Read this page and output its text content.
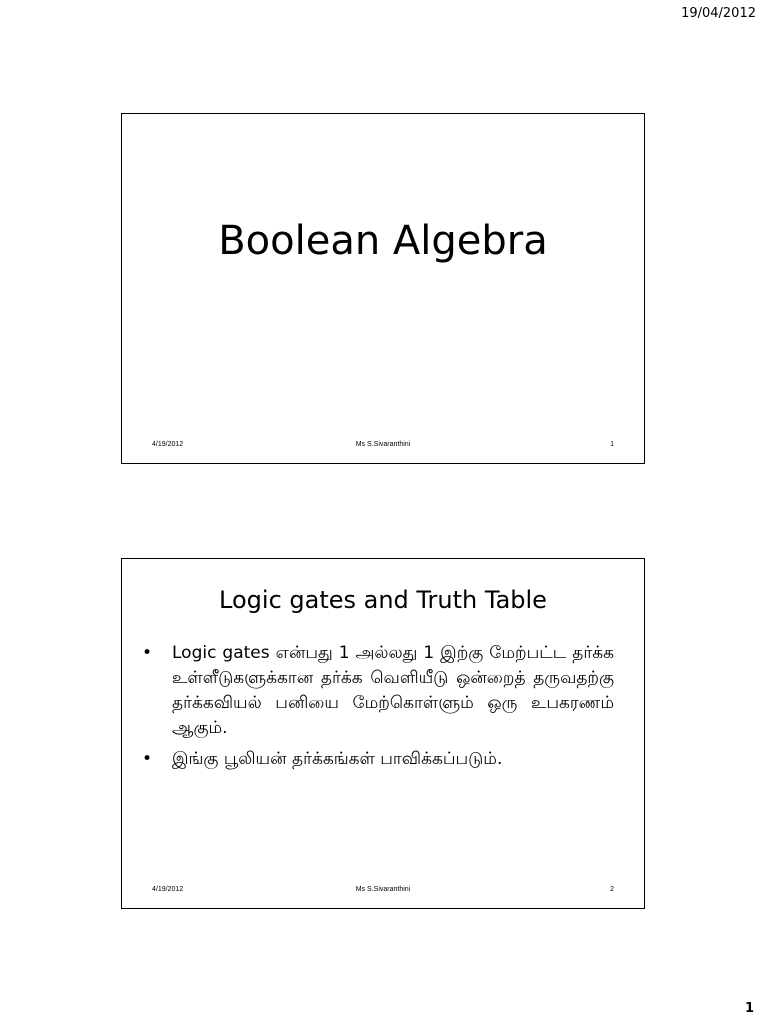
19/04/2012
Boolean Algebra
4/19/2012	Ms S.Sivaranthini	1
Logic gates and Truth Table
• Logic gates என்பது 1 அல்லது 1 இற்கு மேற்பட்ட தர்க்க உள்ளீடுகளுக்கான தர்க்க வெளியீடு ஒன்றைத் தருவதற்கு தர்க்கவியல் பனியை மேற்கொள்ளும் ஒரு உபகரணம் ஆகும்.
• இங்கு பூலியன் தர்க்கங்கள் பாவிக்கப்படும்.
4/19/2012	Ms S.Sivaranthini	2
1
